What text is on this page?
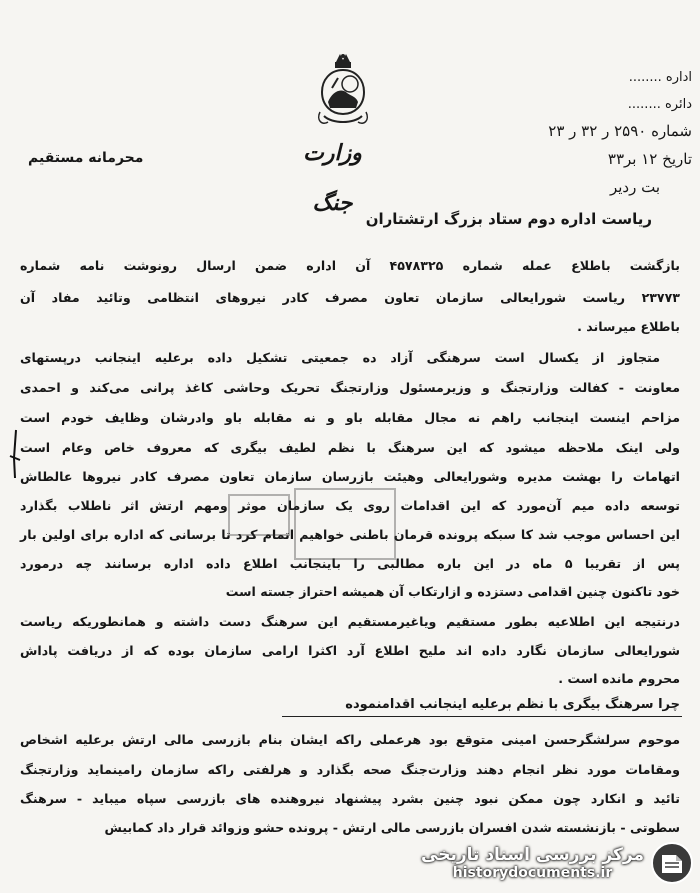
وزارت جنگ
اداره ........
دائره ........
شماره ۲۵۹۰ ر ۳۲ ر ۲۳
تاریخ ۱۲ بر۳۳
بت ردیر
محرمانه مستقیم
ریاست اداره دوم ستاد بزرگ ارتشتاران
بازگشت باطلاع عمله شماره ۴۵۷۸۳۲۵ آن اداره ضمن ارسال رونوشت نامه شماره
۲۳۷۷۳ ریاست شورایعالی سازمان تعاون مصرف کادر نیروهای انتظامی وتائید مفاد آن
باطلاع میرساند .
متجاوز از یکسال است سرهنگی آزاد ده جمعیتی تشکیل داده برعلیه اینجانب درپستهای
معاونت - کفالت وزارتجنگ و وزیرمسئول وزارتجنگ تحریک وحاشی کاغذ پرانی می‌کند و احمدی
مزاحم اینست اینجانب راهم نه مجال مقابله باو و نه مقابله باو وادرشان وظایف خودم است
ولی اینک ملاحظه میشود که این سرهنگ با نظم لطیف بیگری که معروف خاص وعام است
اتهامات را بهشت مدیره وشورایعالی وهیئت بازرسان سازمان تعاون مصرف کادر نیروها عالطاش
توسعه داده میم آن‌مورد که این اقدامات روی یک سازمان موثر ومهم ارتش اثر ناطلاب بگذارد
این احساس موجب شد کا سبکه پرونده قرمان باطنی خواهیم اتمام کرد تا برسانی که اداره برای اولین بار
پس از تقریبا ۵ ماه در این باره مطالبی را باینجانب اطلاع داده اداره برسانند چه درمورد
خود تاکنون چنین اقدامی دستزده و ازارتکاب آن همیشه احتراز جسته است
درنتیجه این اطلاعیه بطور مستقیم ویاغیرمستقیم این سرهنگ دست داشته و همانطوریکه ریاست
شورایعالی سازمان نگارد داده اند ملیح اطلاع آرد اکثرا ارامی سازمان بوده که از دریافت پاداش
محروم مانده است .
چرا سرهنگ بیگری با نظم برعلیه اینجانب اقدامنموده
موحوم سرلشگرحسن امینی متوقع بود هرعملی راکه ایشان بنام بازرسی مالی ارتش برعلیه اشخاص
ومقامات مورد نظر انجام دهند وزارت‌جنگ صحه بگذارد و هرلفتی راکه سازمان رامینماید وزارتجنگ
تائید و انکارد چون ممکن نبود چنین بشرد پیشنهاد نیروهنده های بازرسی سپاه میباید - سرهنگ
سطوتی - بازنشسته شدن افسران بازرسی مالی ارتش - پرونده حشو وزوائد قرار داد کمابیش
مرکز بررسی اسناد تاریخی
historydocuments.ir
